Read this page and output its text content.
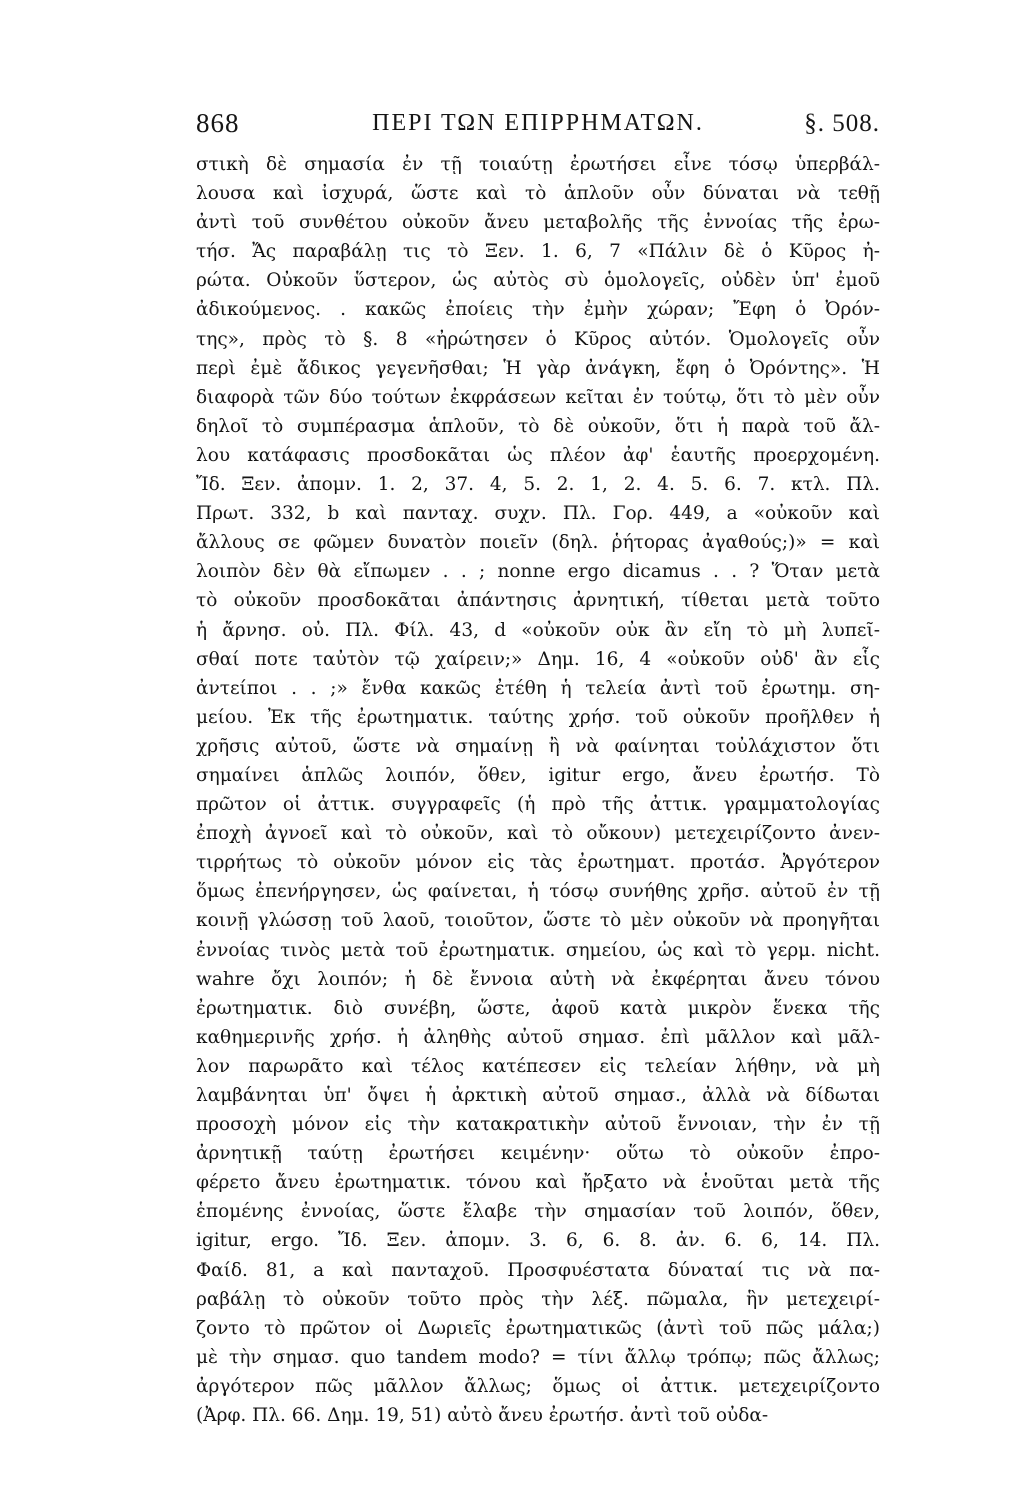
868	ΠΕΡΙ ΤΩΝ ΕΠΙΡΡΗΜΑΤΩΝ.	§. 508.
στικὴ δὲ σημασία ἐν τῇ τοιαύτῃ ἐρωτήσει εἶνε τόσῳ ὑπερβάλ-
λουσα καὶ ἰσχυρά, ὥστε καὶ τὸ ἁπλοῦν οὖν δύναται νὰ τεθῇ
ἀντὶ τοῦ συνθέτου οὐκοῦν ἄνευ μεταβολῆς τῆς ἐννοίας τῆς ἐρω-
τήσ. Ἄς παραβάλῃ τις τὸ Ξεν. 1. 6, 7 «Πάλιν δὲ ὁ Κῦρος ἠ-
ρώτα. Οὐκοῦν ὕστερον, ὡς αὐτὸς σὺ ὁμολογεῖς, οὐδὲν ὑπ' ἐμοῦ
ἀδικούμενος. . κακῶς ἐποίεις τὴν ἐμὴν χώραν; Ἔφη ὁ Ὀρόν-
της», πρὸς τὸ §. 8 «ἠρώτησεν ὁ Κῦρος αὐτόν. Ὁμολογεῖς οὖν
περὶ ἐμὲ ἄδικος γεγενῆσθαι; Ἡ γὰρ ἀνάγκη, ἔφη ὁ Ὀρόντης». Ἡ
διαφορὰ τῶν δύο τούτων ἐκφράσεων κεῖται ἐν τούτῳ, ὅτι τὸ μὲν οὖν
δηλοῖ τὸ συμπέρασμα ἁπλοῦν, τὸ δὲ οὐκοῦν, ὅτι ἡ παρὰ τοῦ ἄλ-
λου κατάφασις προσδοκᾶται ὡς πλέον ἀφ' ἑαυτῆς προερχομένη.
Ἴδ. Ξεν. ἀπομν. 1. 2, 37. 4, 5. 2. 1, 2. 4. 5. 6. 7. κτλ. Πλ.
Πρωτ. 332, b καὶ πανταχ. συχν. Πλ. Γορ. 449, a «οὐκοῦν καὶ
ἄλλους σε φῶμεν δυνατὸν ποιεῖν (δηλ. ῥήτορας ἀγαθούς;)» = καὶ
λοιπὸν δὲν θὰ εἴπωμεν . . ; nonne ergo dicamus . . ? Ὅταν μετὰ
τὸ οὐκοῦν προσδοκᾶται ἀπάντησις ἀρνητική, τίθεται μετὰ τοῦτο
ἡ ἄρνησ. οὐ. Πλ. Φίλ. 43, d «οὐκοῦν οὐκ ἂν εἴη τὸ μὴ λυπεῖ-
σθαί ποτε ταὐτὸν τῷ χαίρειν;» Δημ. 16, 4 «οὐκοῦν οὐδ' ἂν εἷς
ἀντείποι . . ;» ἔνθα κακῶς ἐτέθη ἡ τελεία ἀντὶ τοῦ ἐρωτημ. ση-
μείου. Ἐκ τῆς ἐρωτηματικ. ταύτης χρήσ. τοῦ οὐκοῦν προῆλθεν ἡ
χρῆσις αὐτοῦ, ὥστε νὰ σημαίνῃ ἢ νὰ φαίνηται τοὐλάχιστον ὅτι
σημαίνει ἁπλῶς λοιπόν, ὅθεν, igitur ergo, ἄνευ ἐρωτήσ. Τὸ
πρῶτον οἱ ἀττικ. συγγραφεῖς (ἡ πρὸ τῆς ἀττικ. γραμματολογίας
ἐποχὴ ἀγνοεῖ καὶ τὸ οὐκοῦν, καὶ τὸ οὔκουν) μετεχειρίζοντο ἀνεν-
τιρρήτως τὸ οὐκοῦν μόνον εἰς τὰς ἐρωτηματ. προτάσ. Ἀργότερον
ὅμως ἐπενήργησεν, ὡς φαίνεται, ἡ τόσῳ συνήθης χρῆσ. αὐτοῦ ἐν τῇ
κοινῇ γλώσσῃ τοῦ λαοῦ, τοιοῦτον, ὥστε τὸ μὲν οὐκοῦν νὰ προηγῆται
ἐννοίας τινὸς μετὰ τοῦ ἐρωτηματικ. σημείου, ὡς καὶ τὸ γερμ. nicht.
wahre ὄχι λοιπόν; ἡ δὲ ἔννοια αὐτὴ νὰ ἐκφέρηται ἄνευ τόνου
ἐρωτηματικ. διὸ συνέβη, ὥστε, ἀφοῦ κατὰ μικρὸν ἕνεκα τῆς
καθημερινῆς χρήσ. ἡ ἀληθὴς αὐτοῦ σημασ. ἐπὶ μᾶλλον καὶ μᾶλ-
λον παρωρᾶτο καὶ τέλος κατέπεσεν εἰς τελείαν λήθην, νὰ μὴ
λαμβάνηται ὑπ' ὄψει ἡ ἀρκτικὴ αὐτοῦ σημασ., ἀλλὰ νὰ δίδωται
προσοχὴ μόνον εἰς τὴν κατακρατικὴν αὐτοῦ ἔννοιαν, τὴν ἐν τῇ
ἀρνητικῇ ταύτῃ ἐρωτήσει κειμένην· οὕτω τὸ οὐκοῦν ἐπρο-
φέρετο ἄνευ ἐρωτηματικ. τόνου καὶ ἤρξατο νὰ ἑνοῦται μετὰ τῆς
ἑπομένης ἐννοίας, ὥστε ἔλαβε τὴν σημασίαν τοῦ λοιπόν, ὅθεν,
igitur, ergo. Ἴδ. Ξεν. ἀπομν. 3. 6, 6. 8. ἀν. 6. 6, 14. Πλ.
Φαίδ. 81, a καὶ πανταχοῦ. Προσφυέστατα δύναταί τις νὰ πα-
ραβάλῃ τὸ οὐκοῦν τοῦτο πρὸς τὴν λέξ. πῶμαλα, ἣν μετεχειρί-
ζοντο τὸ πρῶτον οἱ Δωριεῖς ἐρωτηματικῶς (ἀντὶ τοῦ πῶς μάλα;)
μὲ τὴν σημασ. quo tandem modo? = τίνι ἄλλῳ τρόπῳ; πῶς ἄλλως;
ἀργότερον πῶς μᾶλλον ἄλλως; ὅμως οἱ ἀττικ. μετεχειρίζοντο
(Ἀρφ. Πλ. 66. Δημ. 19, 51) αὐτὸ ἄνευ ἐρωτήσ. ἀντὶ τοῦ οὐδα-
